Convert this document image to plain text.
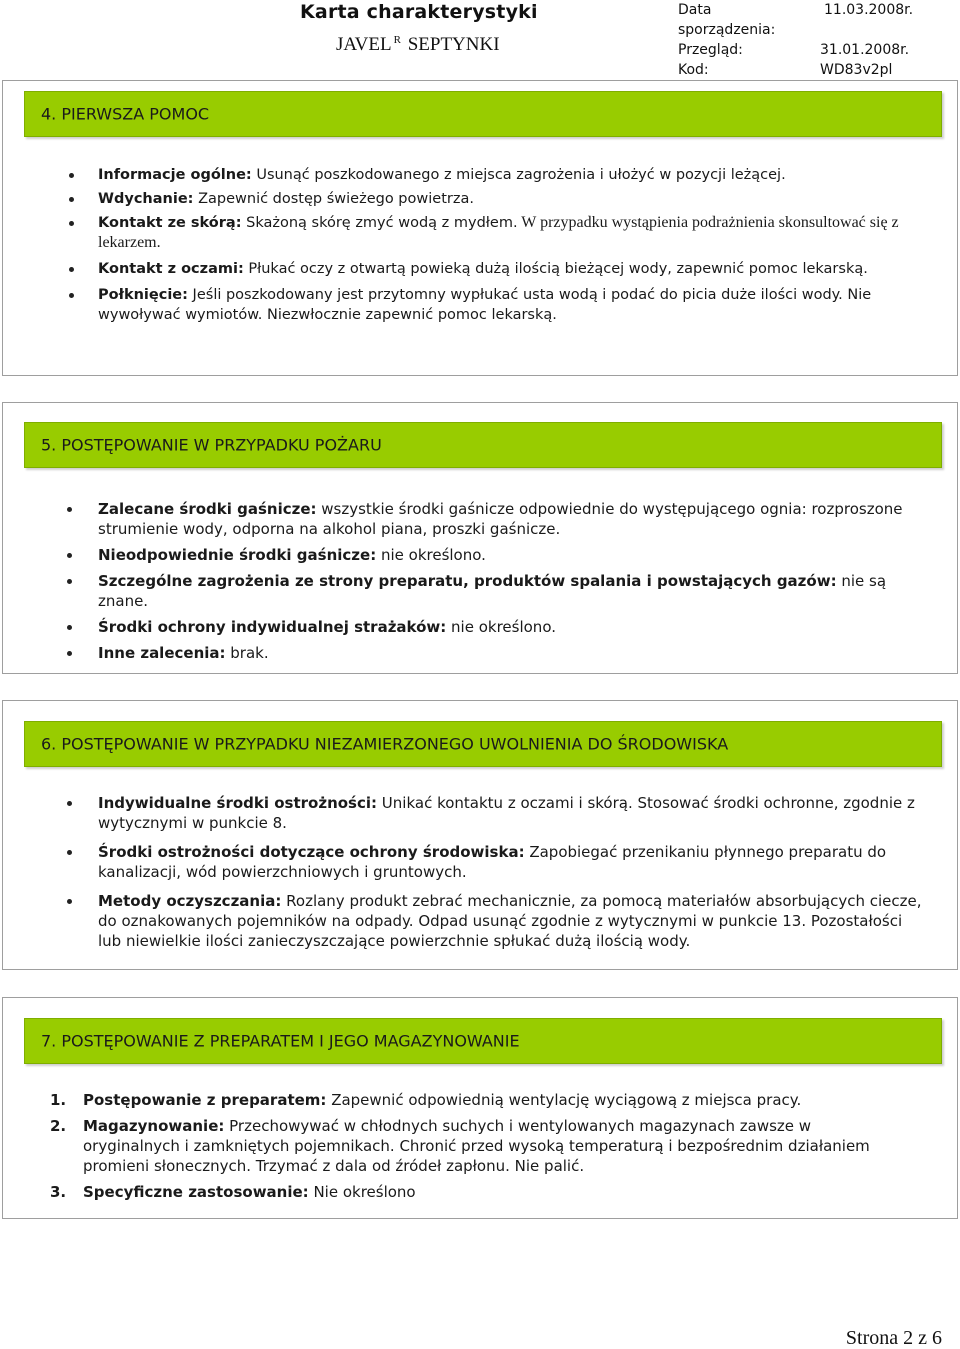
Karta charakterystyki
JAVEL $^R$ SEPTYNKI
Data sporządzenia:
11.03.2008r.
Przegląd:	31.01.2008r.
Kod:	WD83v2pl
4. PIERWSZA POMOC
Informacje ogólne: Usunąć poszkodowanego z miejsca zagrożenia i ułożyć w pozycji leżącej.
Wdychanie: Zapewnić dostęp świeżego powietrza.
Kontakt ze skórą: Skażoną skórę zmyć wodą z mydłem. W przypadku wystąpienia podrażnienia skonsultować się z lekarzem.
Kontakt z oczami: Płukać oczy z otwartą powieką dużą ilością bieżącej wody, zapewnić pomoc lekarską.
Połknięcie: Jeśli poszkodowany jest przytomny wypłukać usta wodą i podać do picia duże ilości wody. Nie wywoływać wymiotów. Niezwłocznie zapewnić pomoc lekarską.
5. POSTĘPOWANIE W PRZYPADKU POŻARU
Zalecane środki gaśnicze: wszystkie środki gaśnicze odpowiednie do występującego ognia: rozproszone strumienie wody, odporna na alkohol piana, proszki gaśnicze.
Nieodpowiednie środki gaśnicze: nie określono.
Szczególne zagrożenia ze strony preparatu, produktów spalania i powstających gazów: nie są znane.
Środki ochrony indywidualnej strażaków: nie określono.
Inne zalecenia: brak.
6. POSTĘPOWANIE W PRZYPADKU NIEZAMIERZONEGO UWOLNIENIA DO ŚRODOWISKA
Indywidualne środki ostrożności: Unikać kontaktu z oczami i skórą. Stosować środki ochronne, zgodnie z wytycznymi w punkcie 8.
Środki ostrożności dotyczące ochrony środowiska: Zapobiegać przenikaniu płynnego preparatu do kanalizacji, wód powierzchniowych i gruntowych.
Metody oczyszczania: Rozlany produkt zebrać mechanicznie, za pomocą materiałów absorbujących ciecze, do oznakowanych pojemników na odpady. Odpad usunąć zgodnie z wytycznymi w punkcie 13. Pozostałości lub niewielkie ilości zanieczyszczające powierzchnie spłukać dużą ilością wody.
7. POSTĘPOWANIE Z PREPARATEM I JEGO MAGAZYNOWANIE
1. Postępowanie z preparatem: Zapewnić odpowiednią wentylację wyciągową z miejsca pracy.
2. Magazynowanie: Przechowywać w chłodnych suchych i wentylowanych magazynach zawsze w oryginalnych i zamkniętych pojemnikach. Chronić przed wysoką temperaturą i bezpośrednim działaniem promieni słonecznych. Trzymać z dala od źródeł zapłonu. Nie palić.
3. Specyficzne zastosowanie: Nie określono
Strona 2 z 6
